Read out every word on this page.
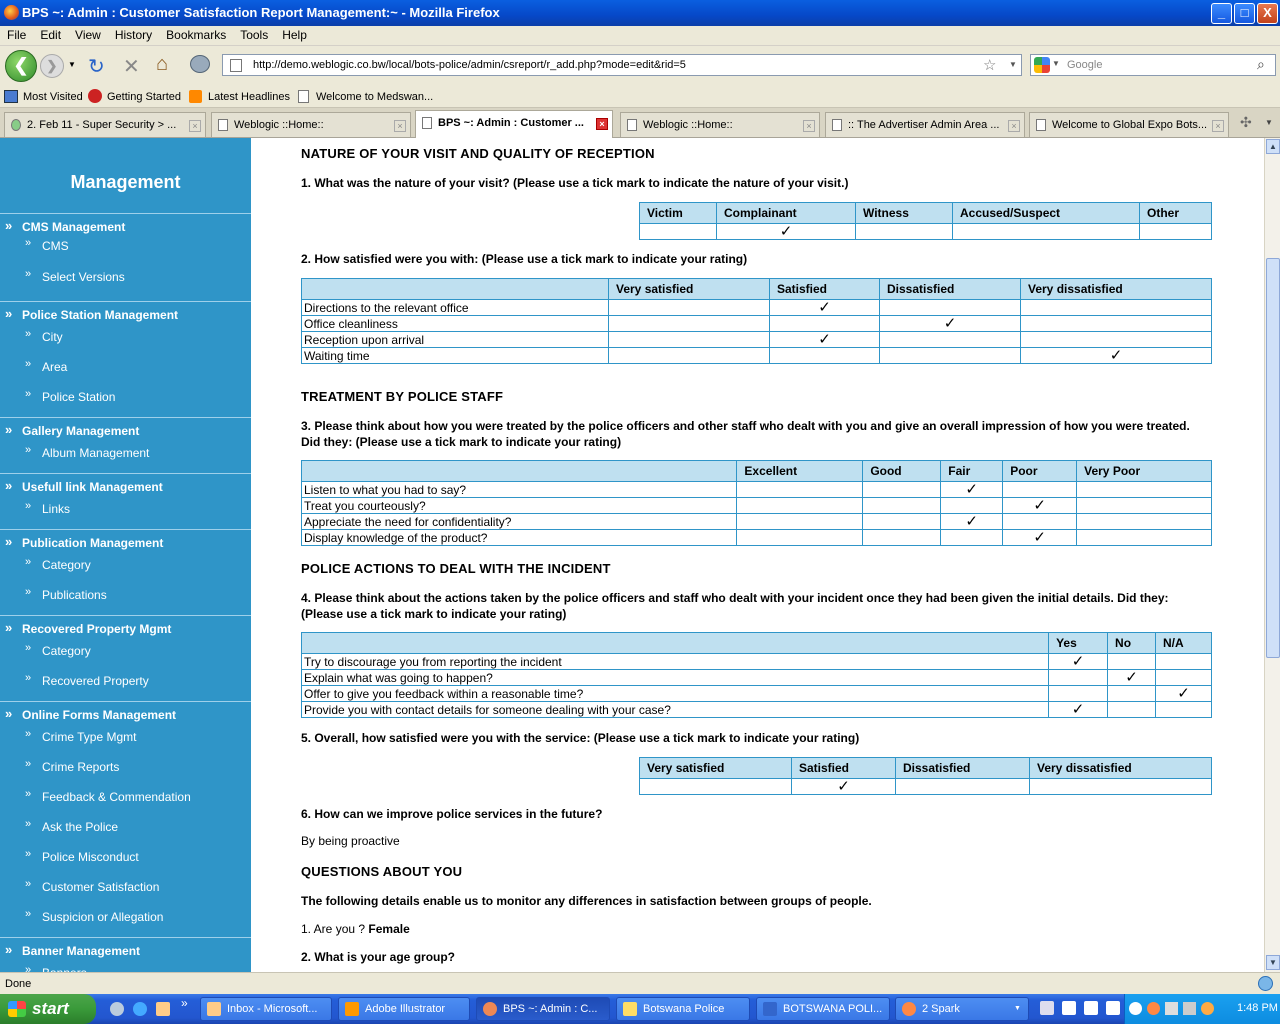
BPS ~: Admin : Customer Satisfaction Report Management:~ - Mozilla Firefox	_	□	X
File Edit View History Bookmarks Tools Help
❮	❯	▼ ↻ ✕ ⌂	http://demo.weblogic.co.bw/local/bots-police/admin/csreport/r_add.php?mode=edit&rid=5	☆ ▼	▼ Google	⌕
Most Visited Getting Started Latest Headlines Welcome to Medswan...
2. Feb 11 - Super Security > ...	×	Weblogic ::Home::	×	BPS ~: Admin : Customer ...	×	Weblogic ::Home::	×	:: The Advertiser Admin Area ...	×	Welcome to Global Expo Bots... × ✣ ▼
Management
» CMS Management
» CMS
» Select Versions
» Police Station Management
» City
» Area
» Police Station
» Gallery Management
» Album Management
» Usefull link Management
» Links
» Publication Management
» Category
» Publications
» Recovered Property Mgmt
» Category
» Recovered Property
» Online Forms Management
» Crime Type Mgmt
» Crime Reports
» Feedback & Commendation
» Ask the Police
» Police Misconduct
» Customer Satisfaction
» Suspicion or Allegation
» Banner Management
»
NATURE OF YOUR VISIT AND QUALITY OF RECEPTION
1. What was the nature of your visit? (Please use a tick mark to indicate the nature of your visit.)
Victim	Complainant	Witness	Accused/Suspect	Other
	✓			
2. How satisfied were you with: (Please use a tick mark to indicate your rating)
	Very satisfied	Satisfied	Dissatisfied	Very dissatisfied
Directions to the relevant office		✓		
Office cleanliness			✓	
Reception upon arrival		✓		
Waiting time				✓
TREATMENT BY POLICE STAFF
3. Please think about how you were treated by the police officers and other staff who dealt with you and give an overall impression of how you were treated. Did they: (Please use a tick mark to indicate your rating)
	Excellent	Good	Fair	Poor	Very Poor
Listen to what you had to say?			✓		
Treat you courteously?				✓	
Appreciate the need for confidentiality?			✓		
Display knowledge of the product?				✓	
POLICE ACTIONS TO DEAL WITH THE INCIDENT
4. Please think about the actions taken by the police officers and staff who dealt with your incident once they had been given the initial details. Did they: (Please use a tick mark to indicate your rating)
	Yes	No	N/A
Try to discourage you from reporting the incident	✓		
Explain what was going to happen?		✓	
Offer to give you feedback within a reasonable time?			✓
Provide you with contact details for someone dealing with your case?	✓		
5. Overall, how satisfied were you with the service: (Please use a tick mark to indicate your rating)
Very satisfied	Satisfied	Dissatisfied	Very dissatisfied
	✓		
6. How can we improve police services in the future?
By being proactive
QUESTIONS ABOUT YOU
The following details enable us to monitor any differences in satisfaction between groups of people.
1. Are you ? Female
2. What is your age group?
▲
▼
Done
start	»	Inbox - Microsoft...	Adobe Illustrator	BPS ~: Admin : C...	Botswana Police	BOTSWANA POLI...	2 Spark	▼	1:48 PM
